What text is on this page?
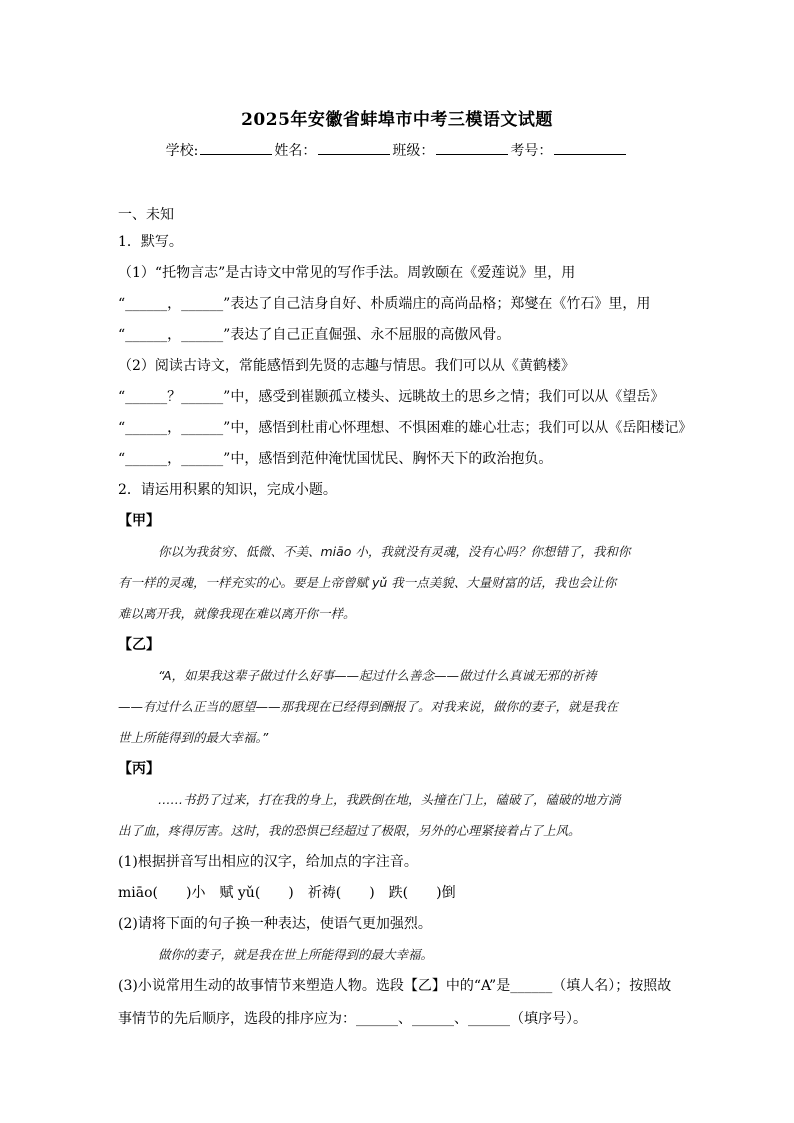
2025年安徽省蚌埠市中考三模语文试题
学校:	姓名：	班级：	考号：
一、未知
1．默写。
（1）“托物言志”是古诗文中常见的写作手法。周敦颐在《爱莲说》里，用
“______，______”表达了自己洁身自好、朴质端庄的高尚品格；郑燮在《竹石》里，用
“______，______”表达了自己正直倔强、永不屈服的高傲风骨。
（2）阅读古诗文，常能感悟到先贤的志趣与情思。我们可以从《黄鹤楼》
“______？______”中，感受到崔颢孤立楼头、远眺故土的思乡之情；我们可以从《望岳》
“______，______”中，感悟到杜甫心怀理想、不惧困难的雄心壮志；我们可以从《岳阳楼记》
“______，______”中，感悟到范仲淹忧国忧民、胸怀天下的政治抱负。
2．请运用积累的知识，完成小题。
【甲】
你以为我贫穷、低微、不美、miāo 小，我就没有灵魂，没有心吗？你想错了，我和你
有一样的灵魂，一样充实的心。要是上帝曾赋 yǔ 我一点美貌、大量财富的话，我也会让你
难以离开我，就像我现在难以离开你一样。
【乙】
“A，如果我这辈子做过什么好事——起过什么善念——做过什么真诚无邪的祈祷
——有过什么正当的愿望——那我现在已经得到酬报了。对我来说，做你的妻子，就是我在
世上所能得到的最大幸福。”
【丙】
……书扔了过来，打在我的身上，我跌倒在地，头撞在门上，磕破了，磕破的地方淌
出了血，疼得厉害。这时，我的恐惧已经超过了极限，另外的心理紧接着占了上风。
(1)根据拼音写出相应的汉字，给加点的字注音。
miāo(　　)小　赋 yǔ(　　)　祈祷(　　)　跌(　　)倒
(2)请将下面的句子换一种表达，使语气更加强烈。
做你的妻子，就是我在世上所能得到的最大幸福。
(3)小说常用生动的故事情节来塑造人物。选段【乙】中的“A”是______（填人名）；按照故
事情节的先后顺序，选段的排序应为：______、______、______（填序号）。
